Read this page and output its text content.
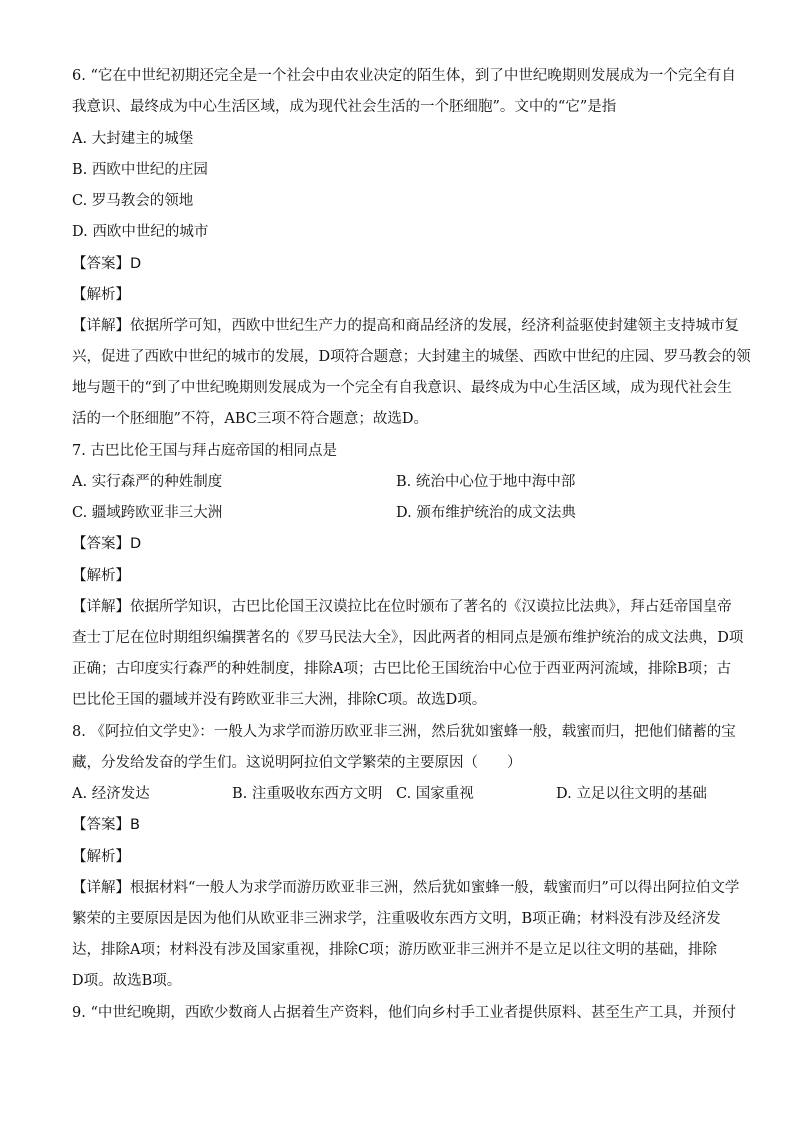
6. “它在中世纪初期还完全是一个社会中由农业决定的陌生体，到了中世纪晚期则发展成为一个完全有自
我意识、最终成为中心生活区域，成为现代社会生活的一个胚细胞”。文中的“它”是指
A. 大封建主的城堡
B. 西欧中世纪的庄园
C. 罗马教会的领地
D. 西欧中世纪的城市
【答案】D
【解析】
【详解】依据所学可知，西欧中世纪生产力的提高和商品经济的发展，经济利益驱使封建领主支持城市复
兴，促进了西欧中世纪的城市的发展，D项符合题意；大封建主的城堡、西欧中世纪的庄园、罗马教会的领
地与题干的“到了中世纪晚期则发展成为一个完全有自我意识、最终成为中心生活区域，成为现代社会生
活的一个胚细胞”不符，ABC三项不符合题意；故选D。
7. 古巴比伦王国与拜占庭帝国的相同点是
A. 实行森严的种姓制度	B. 统治中心位于地中海中部
C. 疆域跨欧亚非三大洲	D. 颁布维护统治的成文法典
【答案】D
【解析】
【详解】依据所学知识，古巴比伦国王汉谟拉比在位时颁布了著名的《汉谟拉比法典》，拜占廷帝国皇帝
查士丁尼在位时期组织编撰著名的《罗马民法大全》，因此两者的相同点是颁布维护统治的成文法典，D项
正确；古印度实行森严的种姓制度，排除A项；古巴比伦王国统治中心位于西亚两河流域，排除B项；古
巴比伦王国的疆域并没有跨欧亚非三大洲，排除C项。故选D项。
8. 《阿拉伯文学史》：一般人为求学而游历欧亚非三洲，然后犹如蜜蜂一般，载蜜而归，把他们储蓄的宝
藏，分发给发奋的学生们。这说明阿拉伯文学繁荣的主要原因（　　）
A. 经济发达	B. 注重吸收东西方文明 C. 国家重视	D. 立足以往文明的基础
【答案】B
【解析】
【详解】根据材料“一般人为求学而游历欧亚非三洲，然后犹如蜜蜂一般，载蜜而归”可以得出阿拉伯文学
繁荣的主要原因是因为他们从欧亚非三洲求学，注重吸收东西方文明，B项正确；材料没有涉及经济发
达，排除A项；材料没有涉及国家重视，排除C项；游历欧亚非三洲并不是立足以往文明的基础，排除
D项。故选B项。
9. “中世纪晚期，西欧少数商人占据着生产资料，他们向乡村手工业者提供原料、甚至生产工具，并预付
